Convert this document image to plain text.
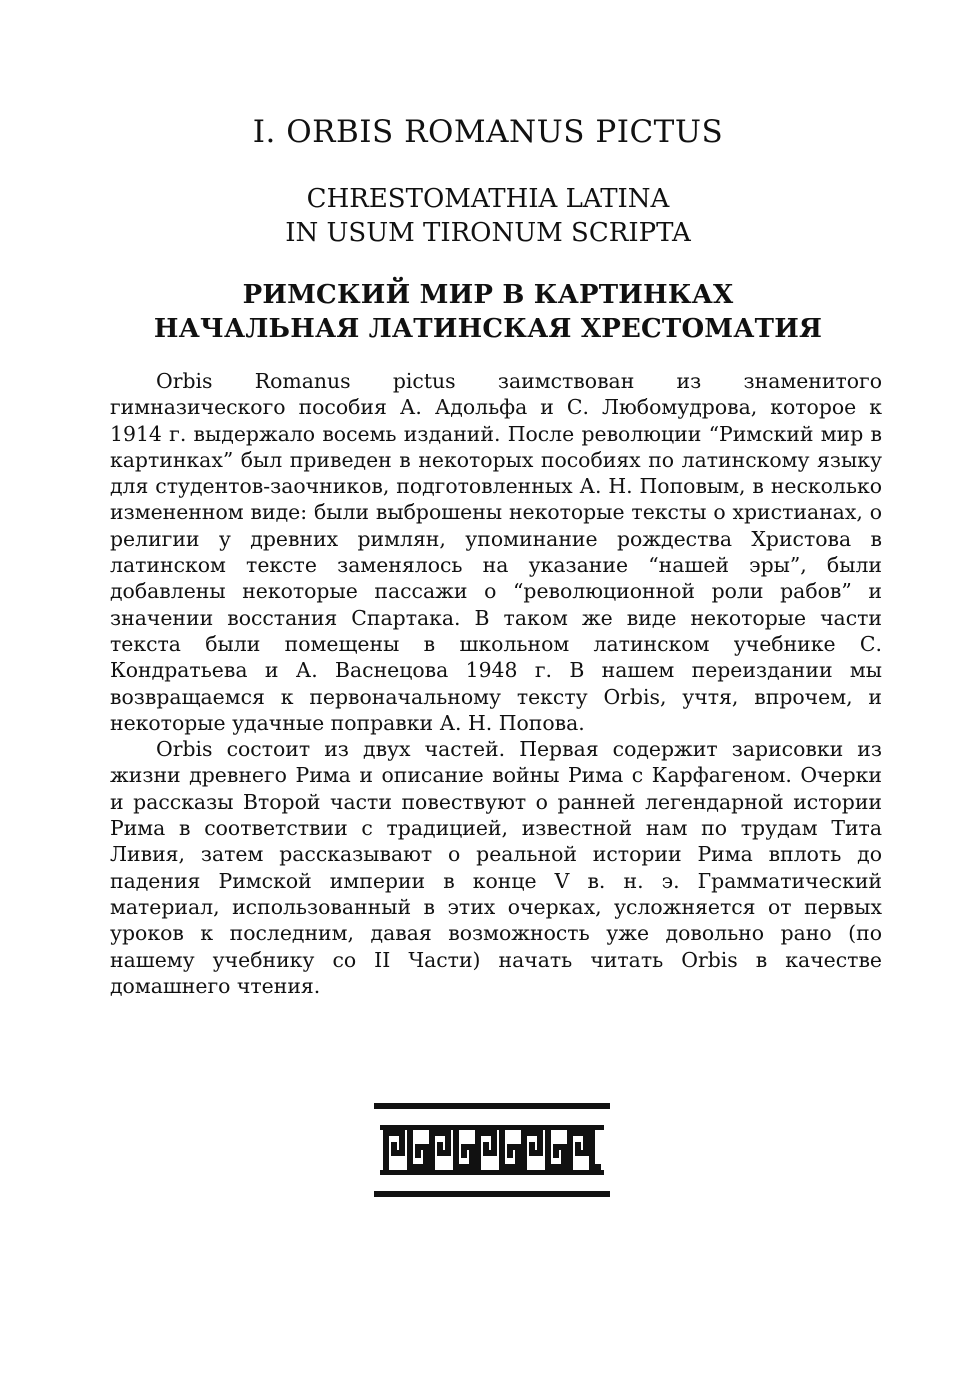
I. ORBIS ROMANUS PICTUS
CHRESTOMATHIA LATINA
IN USUM TIRONUM SCRIPTA
РИМСКИЙ МИР В КАРТИНКАХ
НАЧАЛЬНАЯ ЛАТИНСКАЯ ХРЕСТОМАТИЯ

Orbis Romanus pictus заимствован из знаменитого гимназического пособия А. Адольфа и С. Любомудрова, которое к 1914 г. выдержало восемь изданий. После революции “Римский мир в картинках” был приведен в некоторых пособиях по латинскому языку для студентов-заочников, подготовленных А. Н. Поповым, в несколько измененном виде: были выброшены некоторые тексты о христианах, о религии у древних римлян, упоминание рождества Христова в латинском тексте заменялось на указание “нашей эры”, были добавлены некоторые пассажи о “революционной роли рабов” и значении восстания Спартака. В таком же виде некоторые части текста были помещены в школьном латинском учебнике С. Кондратьева и А. Васнецова 1948 г. В нашем переиздании мы возвращаемся к первоначальному тексту Orbis, учтя, впрочем, и некоторые удачные поправки А. Н. Попова.

Orbis состоит из двух частей. Первая содержит зарисовки из жизни древнего Рима и описание войны Рима с Карфагеном. Очерки и рассказы Второй части повествуют о ранней легендарной истории Рима в соответствии с традицией, известной нам по трудам Тита Ливия, затем рассказывают о реальной истории Рима вплоть до падения Римской империи в конце V в. н. э. Грамматический материал, использованный в этих очерках, усложняется от первых уроков к последним, давая возможность уже довольно рано (по нашему учебнику со II Части) начать читать Orbis в качестве домашнего чтения.
